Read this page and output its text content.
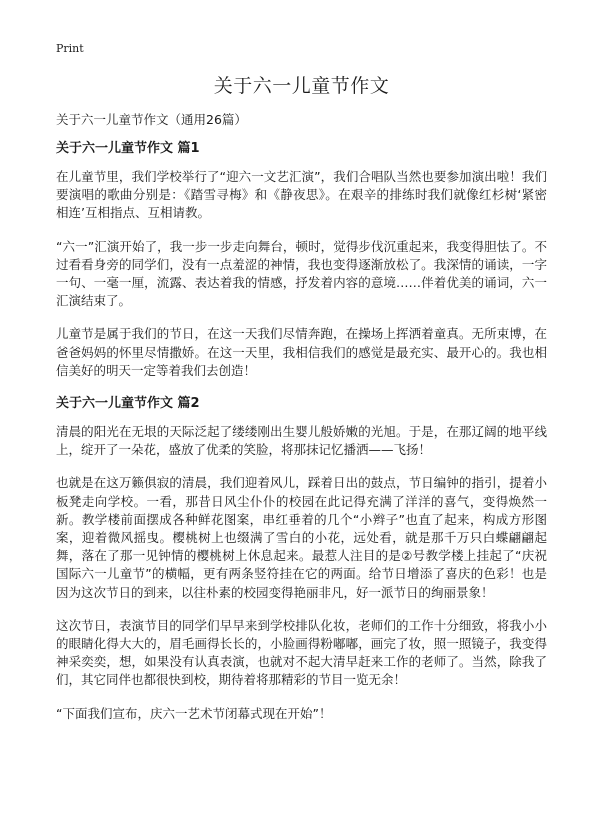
Print
关于六一儿童节作文
关于六一儿童节作文（通用26篇）
关于六一儿童节作文 篇1

在儿童节里，我们学校举行了“迎六一文艺汇演”，我们合唱队当然也要参加演出啦！我们要演唱的歌曲分别是：《踏雪寻梅》和《静夜思》。在艰辛的排练时我们就像红杉树‘紧密相连’互相指点、互相请教。

“六一”汇演开始了，我一步一步走向舞台，顿时，觉得步伐沉重起来，我变得胆怯了。不过看看身旁的同学们，没有一点羞涩的神情，我也变得逐渐放松了。我深情的诵读，一字一句、一毫一厘，流露、表达着我的情感，抒发着内容的意境……伴着优美的诵词，六一汇演结束了。

儿童节是属于我们的节日，在这一天我们尽情奔跑，在操场上挥洒着童真。无所束博，在爸爸妈妈的怀里尽情撒娇。在这一天里，我相信我们的感觉是最充实、最开心的。我也相信美好的明天一定等着我们去创造！

关于六一儿童节作文 篇2

清晨的阳光在无垠的天际泛起了缕缕刚出生婴儿般娇嫩的光旭。于是，在那辽阔的地平线上，绽开了一朵花，盛放了优柔的笑脸，将那抹记忆播洒——飞扬！

也就是在这万籁俱寂的清晨，我们迎着风儿，踩着日出的鼓点，节日编钟的指引，提着小板凳走向学校。一看，那昔日风尘仆仆的校园在此记得充满了洋洋的喜气，变得焕然一新。教学楼前面摆成各种鲜花图案，串红垂着的几个“小辫子”也直了起来，构成方形图案，迎着微风摇曳。樱桃树上也缀满了雪白的小花，远处看，就是那千万只白蝶翩翩起舞，落在了那一见钟情的樱桃树上休息起来。最惹人注目的是②号教学楼上挂起了“庆祝国际六一儿童节”的横幅，更有两条竖符挂在它的两面。给节日增添了喜庆的色彩！也是因为这次节日的到来，以往朴素的校园变得艳丽非凡，好一派节日的绚丽景象！

这次节日，表演节目的同学们早早来到学校排队化妆，老师们的工作十分细致，将我小小的眼睛化得大大的，眉毛画得长长的，小脸画得粉嘟嘟，画完了妆，照一照镜子，我变得神采奕奕，想，如果没有认真表演，也就对不起大清早赶来工作的老师了。当然，除我了们，其它同伴也都很快到校，期待着将那精彩的节目一览无余！

“下面我们宣布，庆六一艺术节闭幕式现在开始”！
